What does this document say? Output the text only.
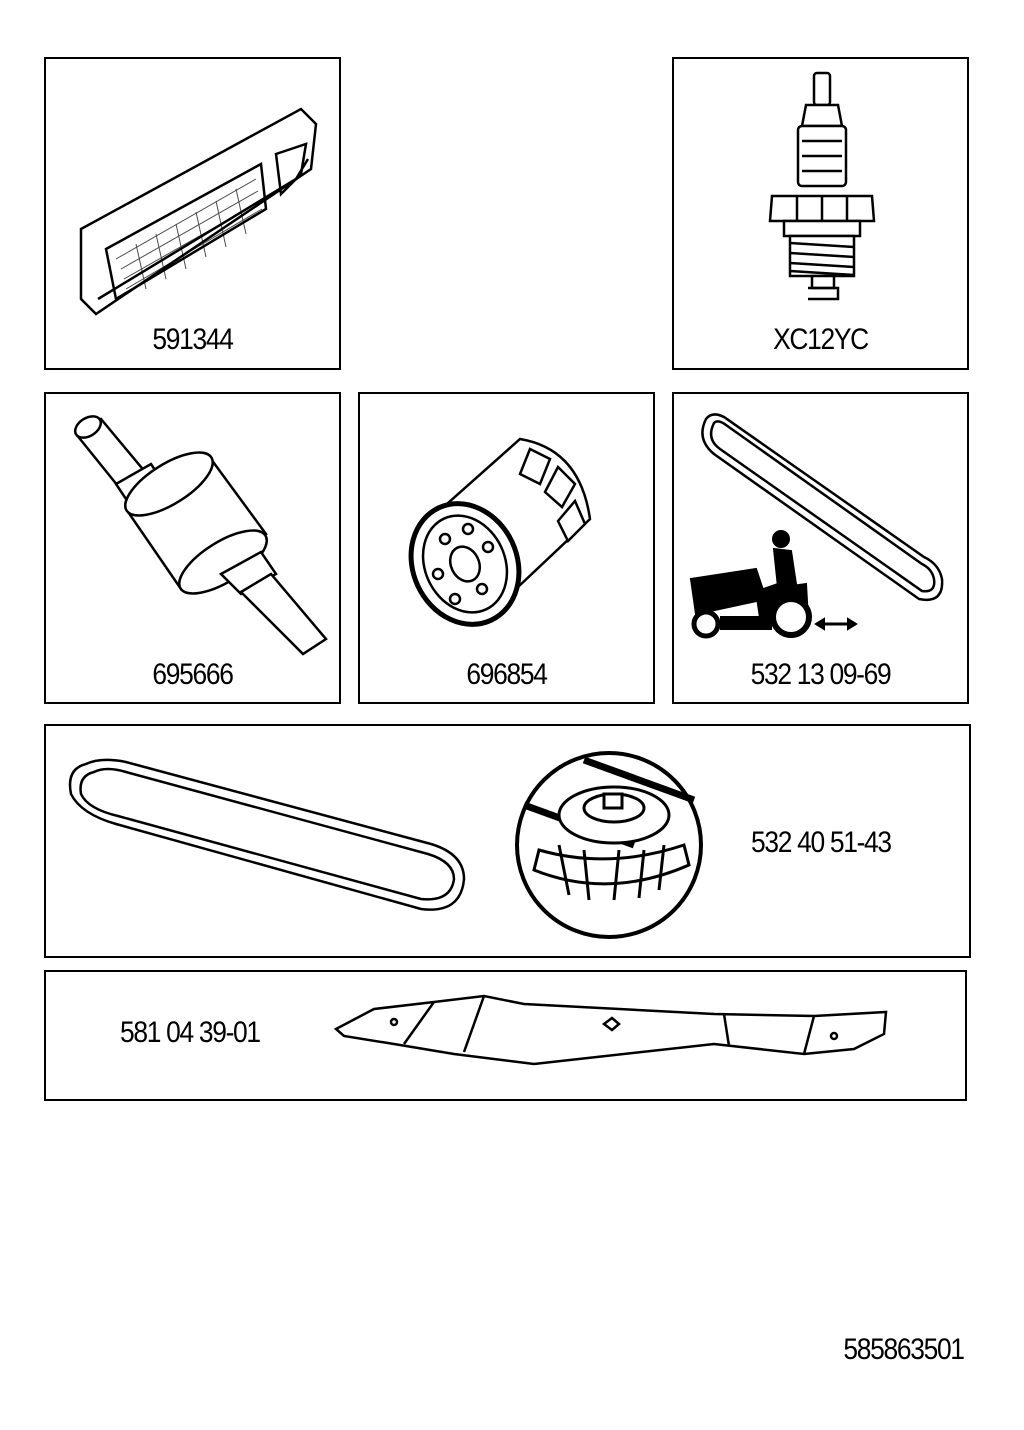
591344	XC12YC
695666	696854	532 13 09-69
532 40 51-43
581 04 39-01
585863501
